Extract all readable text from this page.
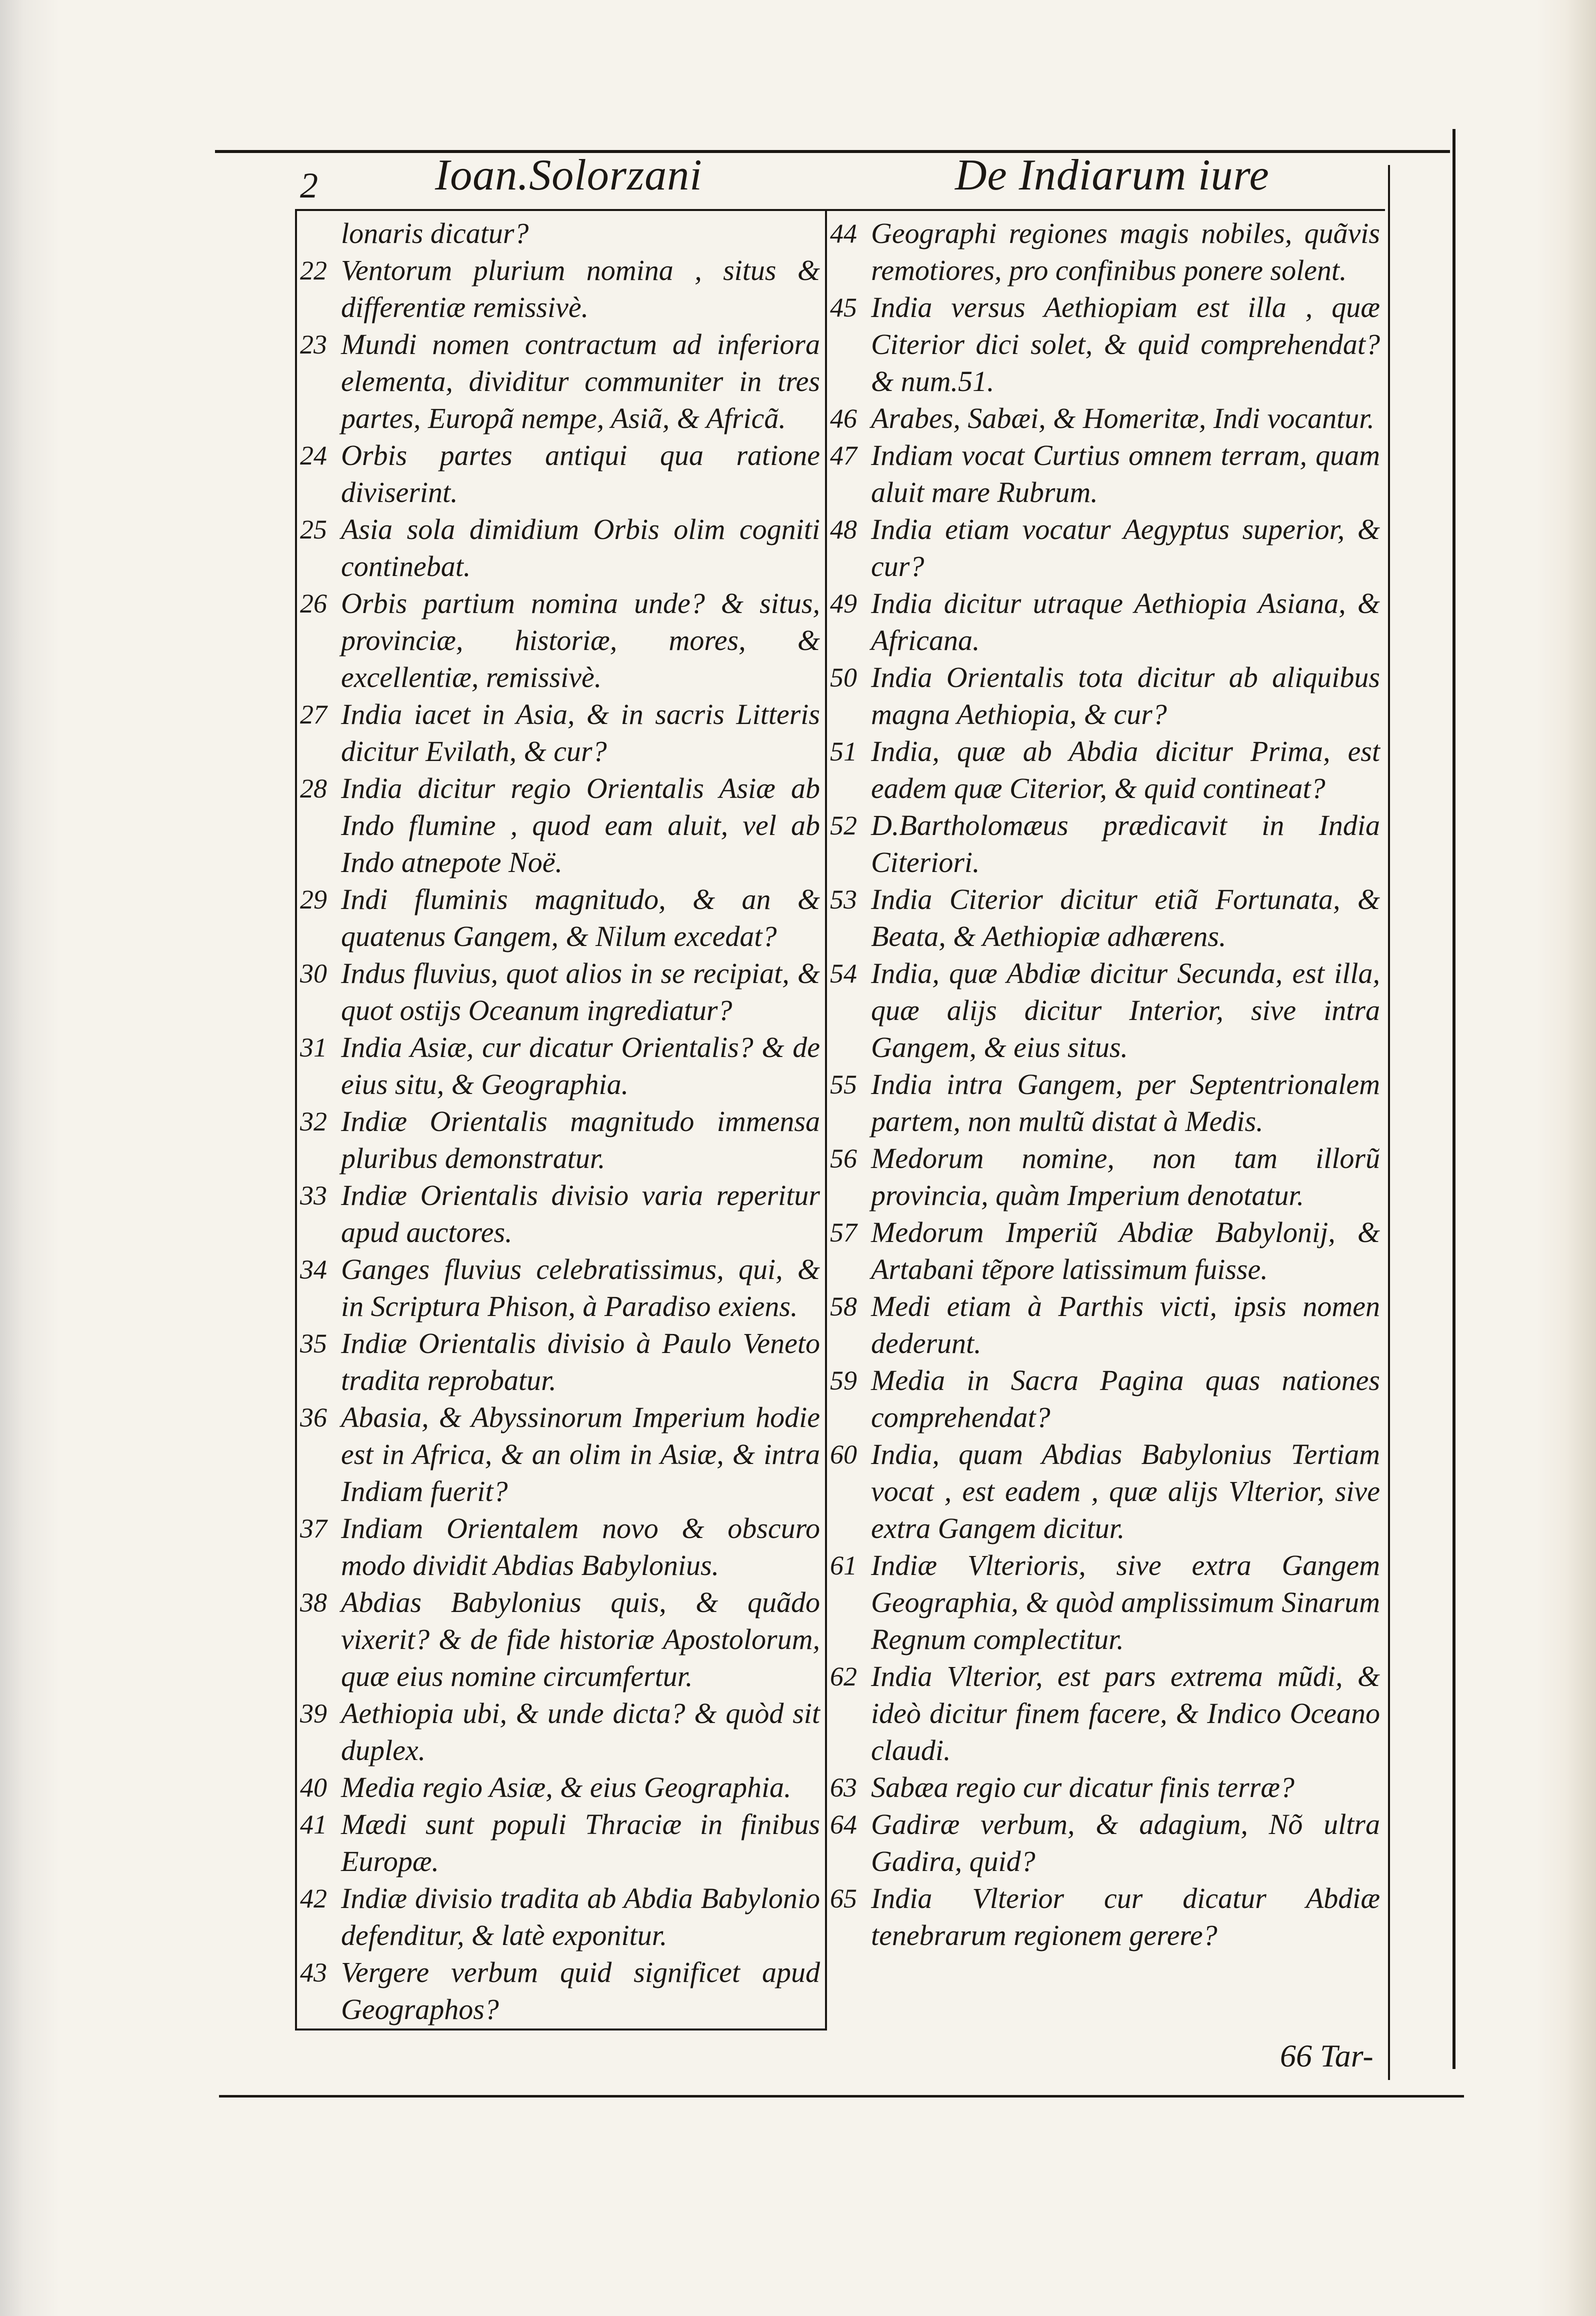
2	Ioan.Solorzani	De Indiarum iure
lonaris dicatur?
22 Ventorum plurium nomina , situs & differentiæ remissivè.
23 Mundi nomen contractum ad inferiora elementa, dividitur communiter in tres partes, Europã nempe, Asiã, & Africã.
24 Orbis partes antiqui qua ratione diviserint.
25 Asia sola dimidium Orbis olim cogniti continebat.
26 Orbis partium nomina unde? & situs, provinciæ, historiæ, mores, & excellentiæ, remissivè.
27 India iacet in Asia, & in sacris Litteris dicitur Evilath, & cur?
28 India dicitur regio Orientalis Asiæ ab Indo flumine , quod eam aluit, vel ab Indo atnepote Noë.
29 Indi fluminis magnitudo, & an & quatenus Gangem, & Nilum excedat?
30 Indus fluvius, quot alios in se recipiat, & quot ostijs Oceanum ingrediatur?
31 India Asiæ, cur dicatur Orientalis? & de eius situ, & Geographia.
32 Indiæ Orientalis magnitudo immensa pluribus demonstratur.
33 Indiæ Orientalis divisio varia reperitur apud auctores.
34 Ganges fluvius celebratissimus, qui, & in Scriptura Phison, à Paradiso exiens.
35 Indiæ Orientalis divisio à Paulo Veneto tradita reprobatur.
36 Abasia, & Abyssinorum Imperium hodie est in Africa, & an olim in Asiæ, & intra Indiam fuerit?
37 Indiam Orientalem novo & obscuro modo dividit Abdias Babylonius.
38 Abdias Babylonius quis, & quãdo vixerit? & de fide historiæ Apostolorum, quæ eius nomine circumfertur.
39 Aethiopia ubi, & unde dicta? & quòd sit duplex.
40 Media regio Asiæ, & eius Geographia.
41 Mædi sunt populi Thraciæ in finibus Europæ.
42 Indiæ divisio tradita ab Abdia Babylonio defenditur, & latè exponitur.
43 Vergere verbum quid significet apud Geographos?
44 Geographi regiones magis nobiles, quãvis remotiores, pro confinibus ponere solent.
45 India versus Aethiopiam est illa , quæ Citerior dici solet, & quid comprehendat? & num.51.
46 Arabes, Sabæi, & Homeritæ, Indi vocantur.
47 Indiam vocat Curtius omnem terram, quam aluit mare Rubrum.
48 India etiam vocatur Aegyptus superior, & cur?
49 India dicitur utraque Aethiopia Asiana, & Africana.
50 India Orientalis tota dicitur ab aliquibus magna Aethiopia, & cur?
51 India, quæ ab Abdia dicitur Prima, est eadem quæ Citerior, & quid contineat?
52 D.Bartholomæus prædicavit in India Citeriori.
53 India Citerior dicitur etiã Fortunata, & Beata, & Aethiopiæ adhærens.
54 India, quæ Abdiæ dicitur Secunda, est illa, quæ alijs dicitur Interior, sive intra Gangem, & eius situs.
55 India intra Gangem, per Septentrionalem partem, non multũ distat à Medis.
56 Medorum nomine, non tam illorũ provincia, quàm Imperium denotatur.
57 Medorum Imperiũ Abdiæ Babylonij, & Artabani tẽpore latissimum fuisse.
58 Medi etiam à Parthis victi, ipsis nomen dederunt.
59 Media in Sacra Pagina quas nationes comprehendat?
60 India, quam Abdias Babylonius Tertiam vocat , est eadem , quæ alijs Vlterior, sive extra Gangem dicitur.
61 Indiæ Vlterioris, sive extra Gangem Geographia, & quòd amplissimum Sinarum Regnum complectitur.
62 India Vlterior, est pars extrema mũdi, & ideò dicitur finem facere, & Indico Oceano claudi.
63 Sabæa regio cur dicatur finis terræ?
64 Gadiræ verbum, & adagium, Nõ ultra Gadira, quid?
65 India Vlterior cur dicatur Abdiæ tenebrarum regionem gerere?
66 Tar-
